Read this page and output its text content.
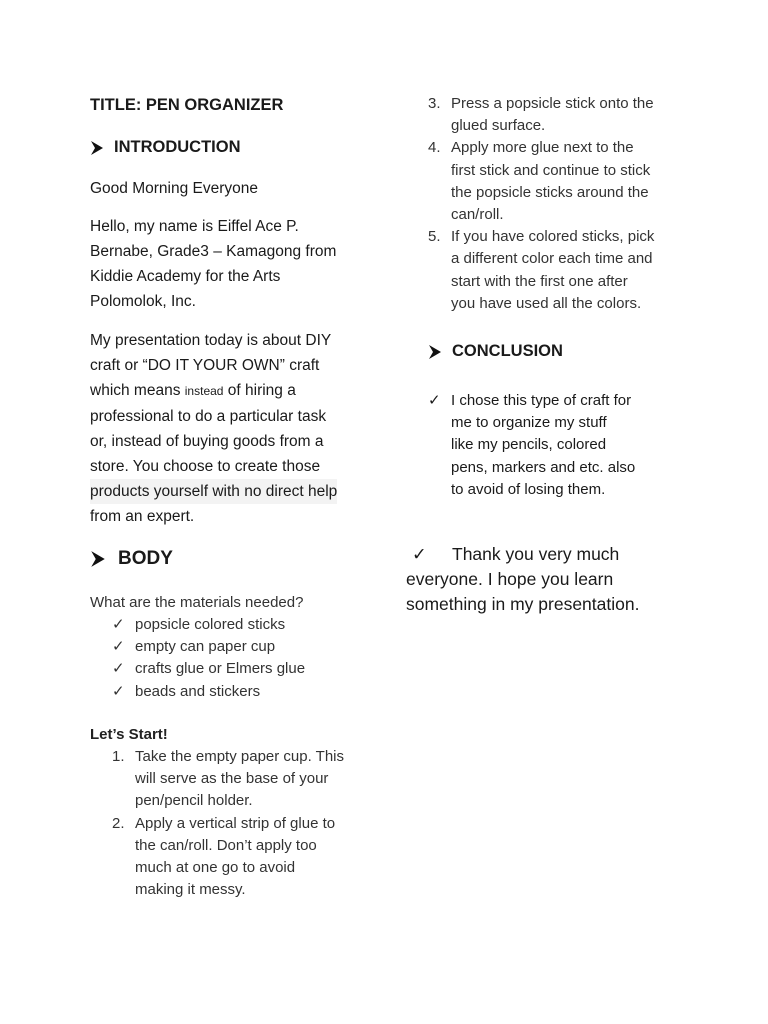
TITLE: PEN ORGANIZER
INTRODUCTION
Good Morning Everyone
Hello, my name is Eiffel Ace P.
Bernabe, Grade3 – Kamagong from
Kiddie Academy for the Arts
Polomolok, Inc.
My presentation today is about DIY
craft or “DO IT YOUR OWN” craft
which means instead of hiring a
professional to do a particular task
or, instead of buying goods from a
store. You choose to create those
products yourself with no direct help
from an expert.
BODY
What are the materials needed?
✓ popsicle colored sticks
✓ empty can paper cup
✓ crafts glue or Elmers glue
✓ beads and stickers
Let’s Start!
1. Take the empty paper cup. This
will serve as the base of your
pen/pencil holder.
2. Apply a vertical strip of glue to
the can/roll. Don’t apply too
much at one go to avoid
making it messy.
3. Press a popsicle stick onto the
glued surface.
4. Apply more glue next to the
first stick and continue to stick
the popsicle sticks around the
can/roll.
5. If you have colored sticks, pick
a different color each time and
start with the first one after
you have used all the colors.
CONCLUSION
✓ I chose this type of craft for
me to organize my stuff
like my pencils, colored
pens, markers and etc. also
to avoid of losing them.
✓ Thank you very much
everyone. I hope you learn
something in my presentation.
